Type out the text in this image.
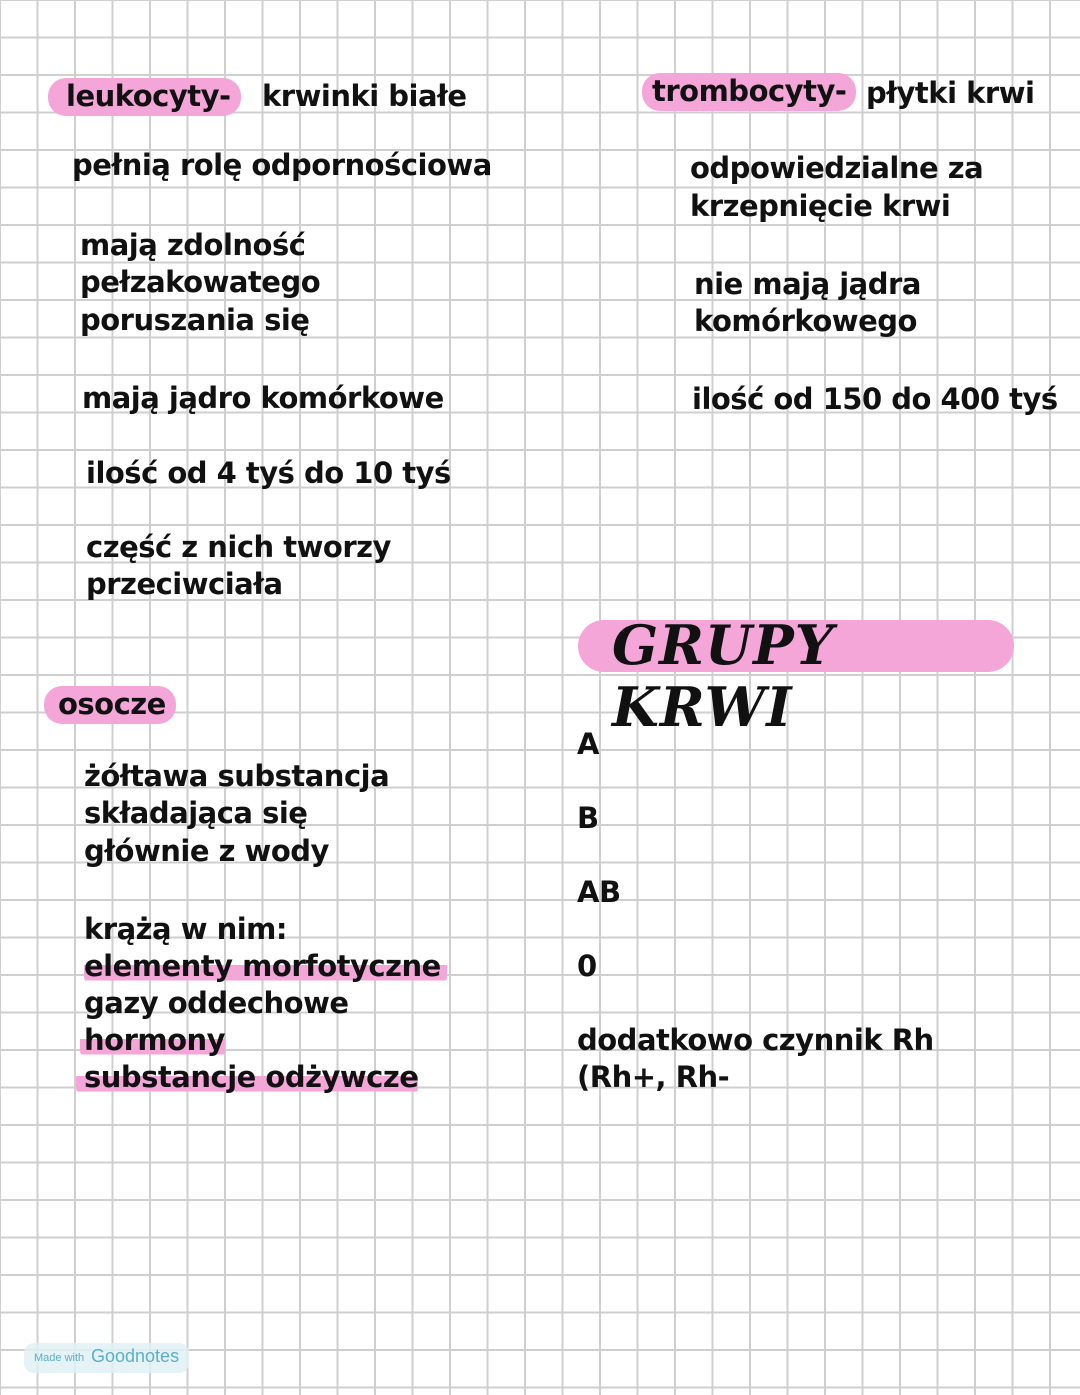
leukocyty-	krwinki białe
pełnią rolę odpornościowa
mają zdolność
pełzakowatego
poruszania się
mają jądro komórkowe
ilość od 4 tyś do 10 tyś
część z nich tworzy
przeciwciała
trombocyty- płytki krwi
odpowiedzialne za
krzepnięcie krwi
nie mają jądra
komórkowego
ilość od 150 do 400 tyś
GRUPY KRWI
A
B
AB
0
dodatkowo czynnik Rh
(Rh+, Rh-
osocze
żółtawa substancja
składająca się
głównie z wody
krążą w nim:
elementy morfotyczne
gazy oddechowe
hormony
substancje odżywcze
Made with Goodnotes
